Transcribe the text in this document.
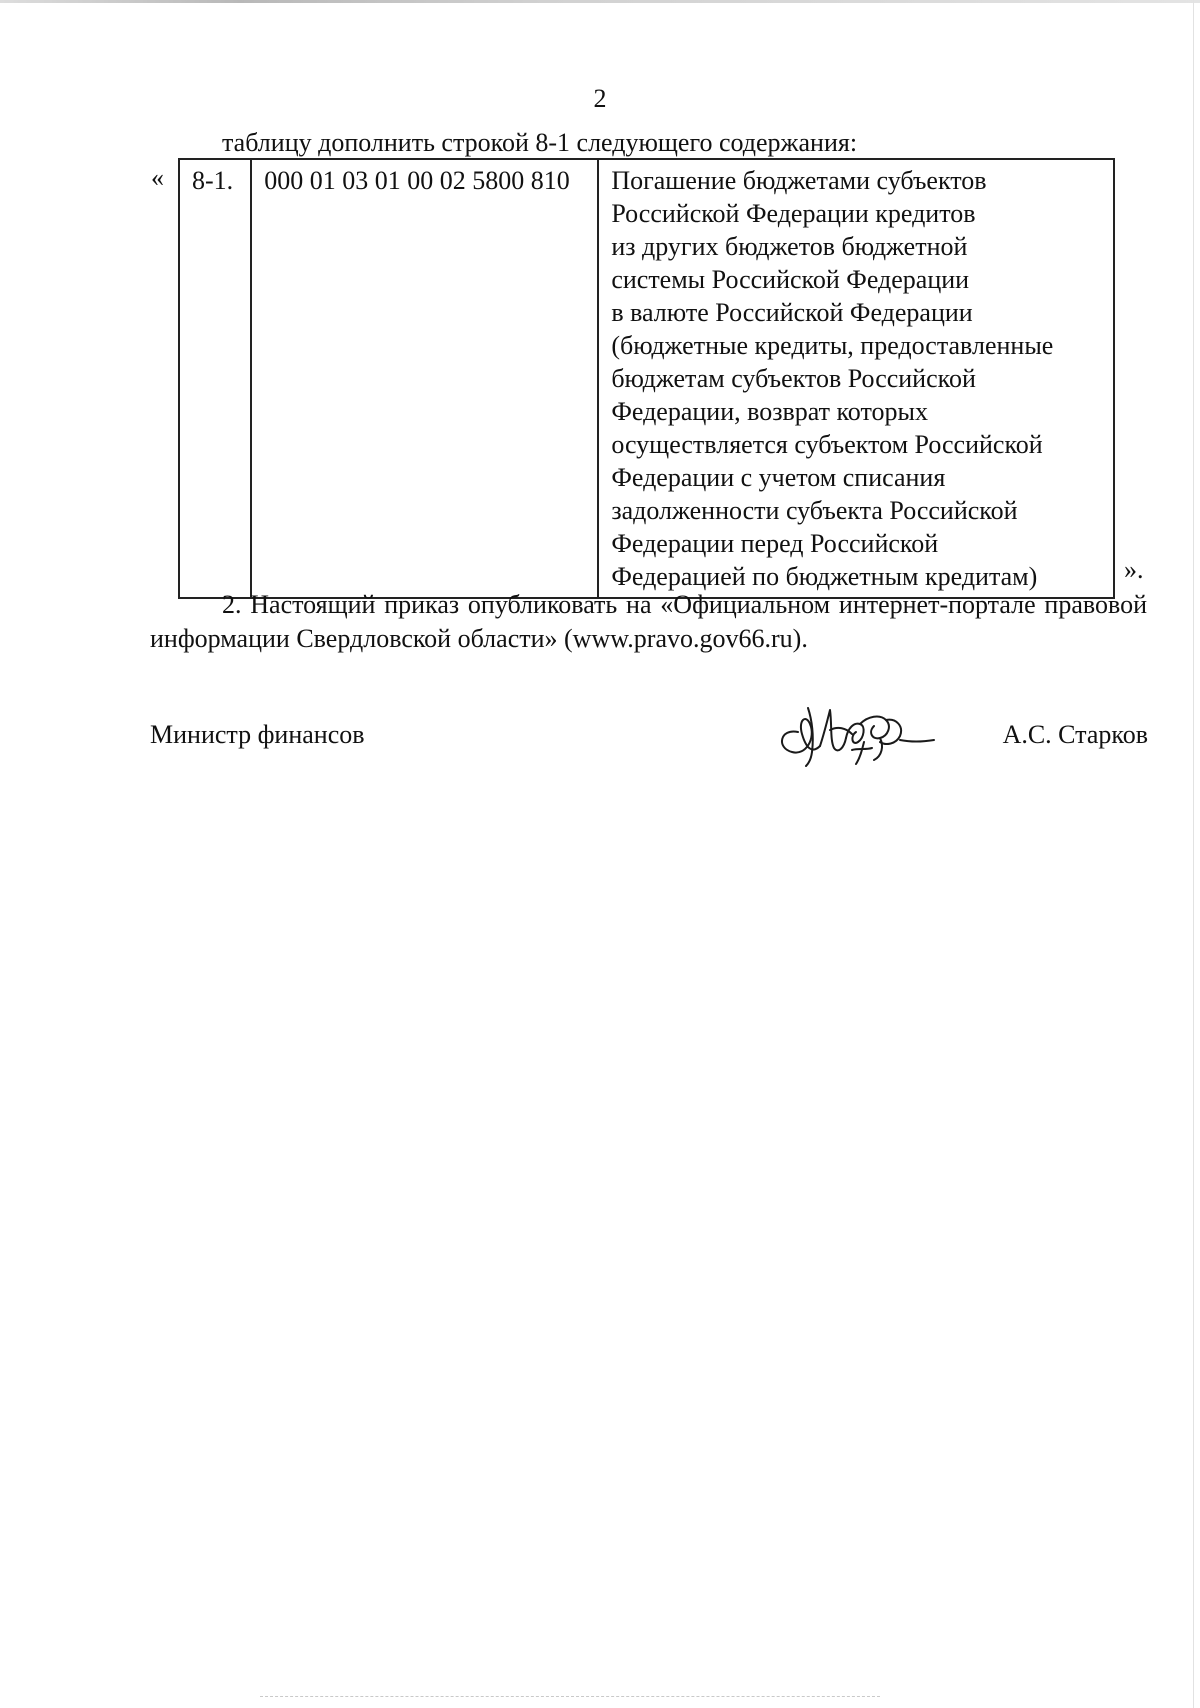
2
таблицу дополнить строкой 8-1 следующего содержания:
« 8-1.	000 01 03 01 00 02 5800 810	Погашение бюджетами субъектов
Российской Федерации кредитов
из других бюджетов бюджетной
системы Российской Федерации
в валюте Российской Федерации
(бюджетные кредиты, предоставленные
бюджетам субъектов Российской
Федерации, возврат которых
осуществляется субъектом Российской
Федерации с учетом списания
задолженности субъекта Российской
Федерации перед Российской
Федерацией по бюджетным кредитам)	».
2. Настоящий приказ опубликовать на «Официальном интернет-портале правовой информации Свердловской области» (www.pravo.gov66.ru).
Министр финансов	А.С. Старков
